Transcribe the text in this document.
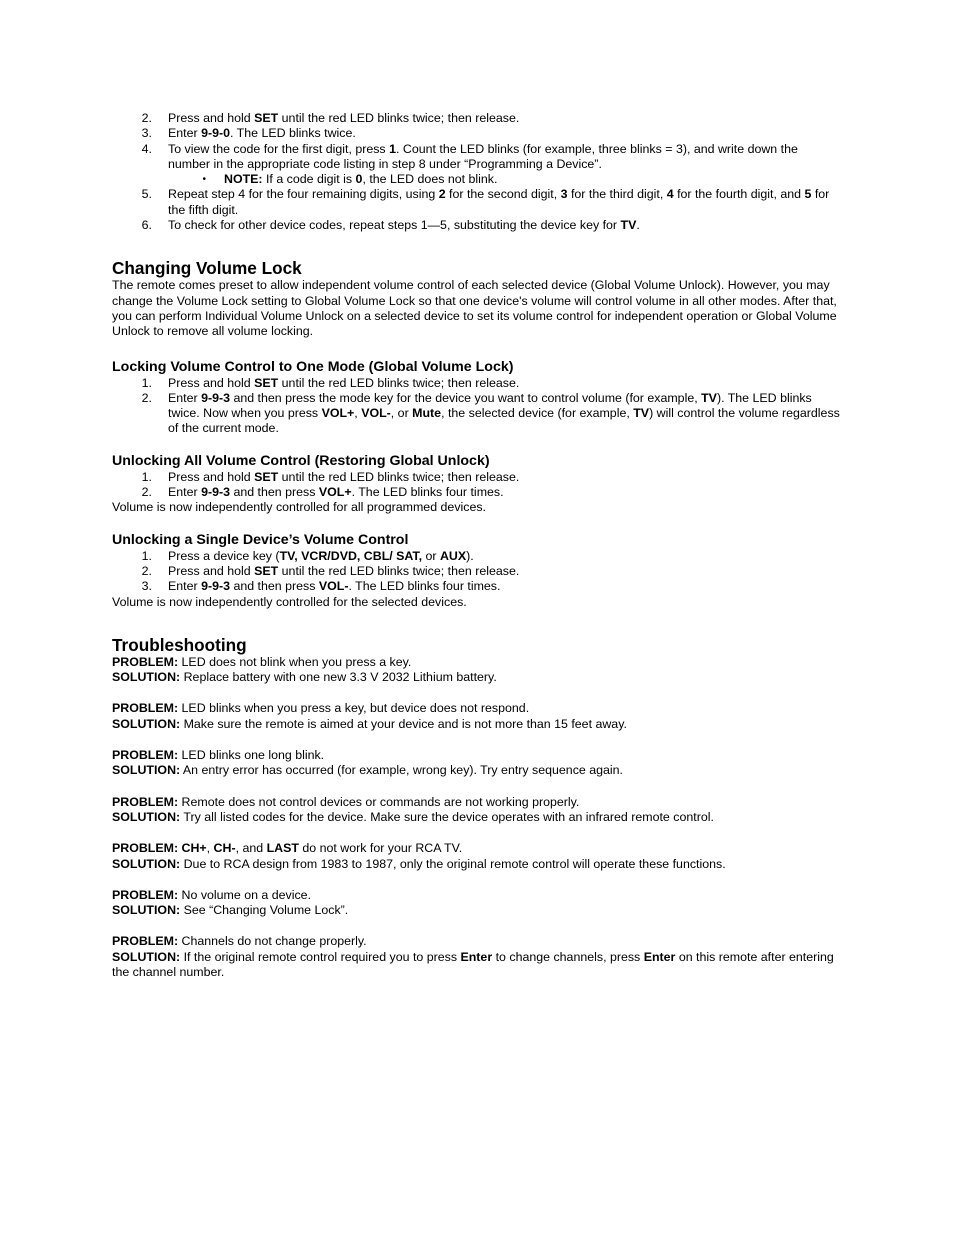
2.	Press and hold SET until the red LED blinks twice; then release.
3.	Enter 9-9-0. The LED blinks twice.
4.	To view the code for the first digit, press 1. Count the LED blinks (for example, three blinks = 3), and write down the number in the appropriate code listing in step 8 under “Programming a Device”.
•	NOTE: If a code digit is 0, the LED does not blink.
5.	Repeat step 4 for the four remaining digits, using 2 for the second digit, 3 for the third digit, 4 for the fourth digit, and 5 for the fifth digit.
6.	To check for other device codes, repeat steps 1—5, substituting the device key for TV.
Changing Volume Lock

The remote comes preset to allow independent volume control of each selected device (Global Volume Unlock). However, you may change the Volume Lock setting to Global Volume Lock so that one device's volume will control volume in all other modes. After that, you can perform Individual Volume Unlock on a selected device to set its volume control for independent operation or Global Volume Unlock to remove all volume locking.

Locking Volume Control to One Mode (Global Volume Lock)
1.	Press and hold SET until the red LED blinks twice; then release.
2.	Enter 9-9-3 and then press the mode key for the device you want to control volume (for example, TV). The LED blinks twice. Now when you press VOL+, VOL-, or Mute, the selected device (for example, TV) will control the volume regardless of the current mode.
Unlocking All Volume Control (Restoring Global Unlock)
1.	Press and hold SET until the red LED blinks twice; then release.
2.	Enter 9-9-3 and then press VOL+. The LED blinks four times.

Volume is now independently controlled for all programmed devices.

Unlocking a Single Device’s Volume Control
1.	Press a device key (TV, VCR/DVD, CBL/ SAT, or AUX).
2.	Press and hold SET until the red LED blinks twice; then release.
3.	Enter 9-9-3 and then press VOL-. The LED blinks four times.

Volume is now independently controlled for the selected devices.

Troubleshooting

PROBLEM: LED does not blink when you press a key.

SOLUTION: Replace battery with one new 3.3 V 2032 Lithium battery.

PROBLEM: LED blinks when you press a key, but device does not respond.

SOLUTION: Make sure the remote is aimed at your device and is not more than 15 feet away.

PROBLEM: LED blinks one long blink.

SOLUTION: An entry error has occurred (for example, wrong key). Try entry sequence again.

PROBLEM: Remote does not control devices or commands are not working properly.

SOLUTION: Try all listed codes for the device. Make sure the device operates with an infrared remote control.

PROBLEM: CH+, CH-, and LAST do not work for your RCA TV.

SOLUTION: Due to RCA design from 1983 to 1987, only the original remote control will operate these functions.

PROBLEM: No volume on a device.

SOLUTION: See “Changing Volume Lock”.

PROBLEM: Channels do not change properly.

SOLUTION: If the original remote control required you to press Enter to change channels, press Enter on this remote after entering the channel number.
